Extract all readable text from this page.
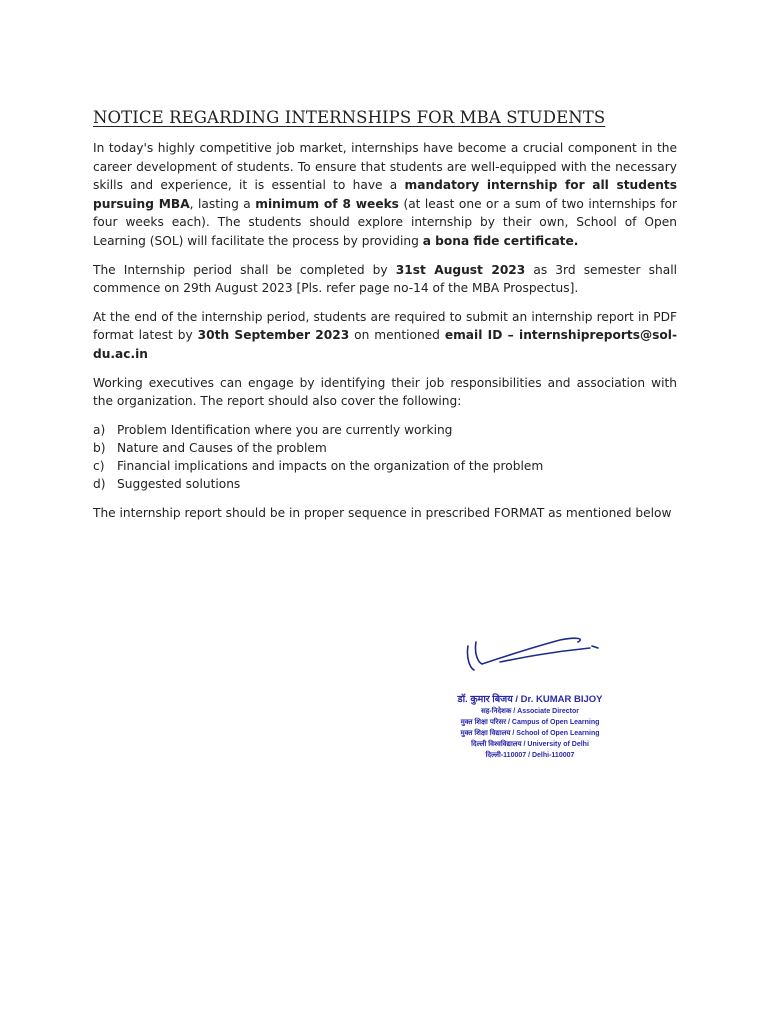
NOTICE REGARDING INTERNSHIPS FOR MBA STUDENTS

In today's highly competitive job market, internships have become a crucial component in the career development of students. To ensure that students are well-equipped with the necessary skills and experience, it is essential to have a mandatory internship for all students pursuing MBA, lasting a minimum of 8 weeks (at least one or a sum of two internships for four weeks each). The students should explore internship by their own, School of Open Learning (SOL) will facilitate the process by providing a bona fide certificate.

The Internship period shall be completed by 31st August 2023 as 3rd semester shall commence on 29th August 2023 [Pls. refer page no-14 of the MBA Prospectus].

At the end of the internship period, students are required to submit an internship report in PDF format latest by 30th September 2023 on mentioned email ID – internshipreports@sol-du.ac.in

Working executives can engage by identifying their job responsibilities and association with the organization. The report should also cover the following:

a) Problem Identification where you are currently working
b) Nature and Causes of the problem
c) Financial implications and impacts on the organization of the problem
d) Suggested solutions

The internship report should be in proper sequence in prescribed FORMAT as mentioned below

डॉ. कुमार बिजय / Dr. KUMAR BIJOY
सह-निदेशक / Associate Director
मुक्त शिक्षा परिसर / Campus of Open Learning
मुक्त शिक्षा विद्यालय / School of Open Learning
दिल्ली विश्वविद्यालय / University of Delhi
दिल्ली-110007 / Delhi-110007
